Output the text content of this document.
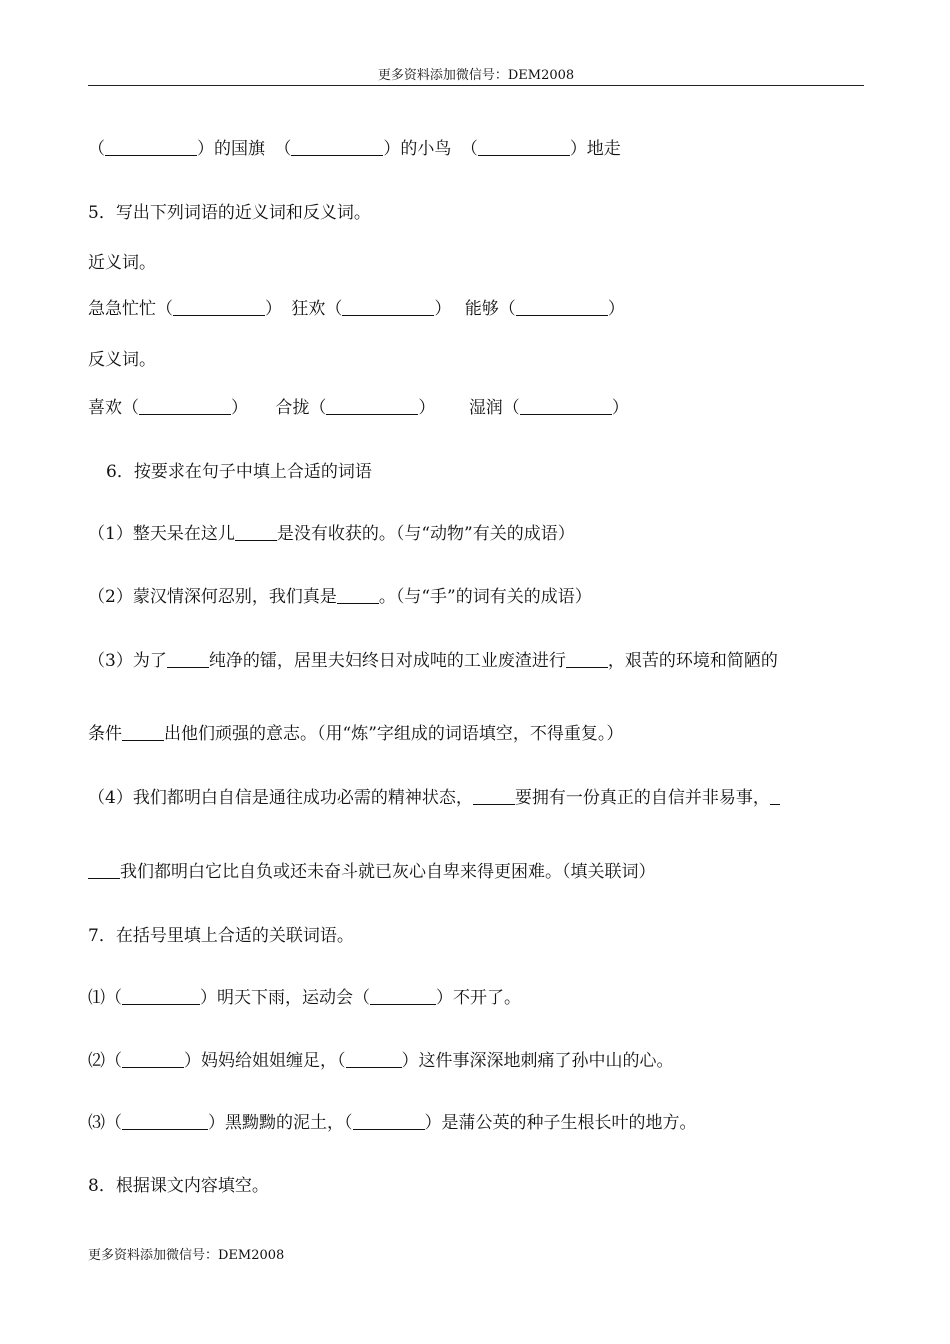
更多资料添加微信号：DEM2008
（	）的国旗 （	）的小鸟 （	）地走
5．写出下列词语的近义词和反义词。
近义词。
急急忙忙（	） 狂欢（	） 能够（	）
反义词。
喜欢（	） 合拢（	） 湿润（	）
6．按要求在句子中填上合适的词语
（1）整天呆在这儿 是没有收获的。（与“动物”有关的成语）
（2）蒙汉情深何忍别，我们真是 。（与“手”的词有关的成语）
（3）为了 纯净的镭，居里夫妇终日对成吨的工业废渣进行 ，艰苦的环境和简陋的
条件 出他们顽强的意志。（用“炼”字组成的词语填空，不得重复。）
（4）我们都明白自信是通往成功必需的精神状态， 要拥有一份真正的自信并非易事，
我们都明白它比自负或还未奋斗就已灰心自卑来得更困难。（填关联词）
7．在括号里填上合适的关联词语。
⑴（	）明天下雨，运动会（	）不开了。
⑵（	）妈妈给姐姐缠足，（	）这件事深深地刺痛了孙中山的心。
⑶（	）黑黝黝的泥土，（	）是蒲公英的种子生根长叶的地方。
8．根据课文内容填空。
更多资料添加微信号：DEM2008
